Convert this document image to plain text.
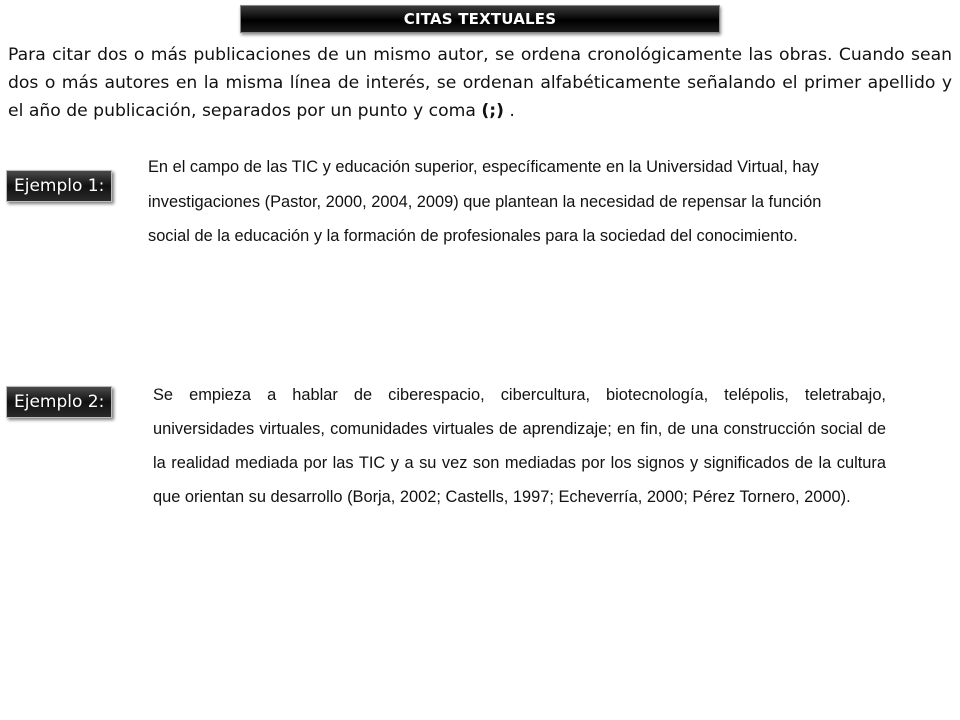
CITAS TEXTUALES

Para citar dos o más publicaciones de un mismo autor, se ordena cronológicamente las obras. Cuando sean dos o más autores en la misma línea de interés, se ordenan alfabéticamente señalando el primer apellido y el año de publicación, separados por un punto y coma (;) .

Ejemplo 1:

En el campo de las TIC y educación superior, específicamente en la Universidad Virtual, hay investigaciones (Pastor, 2000, 2004, 2009) que plantean la necesidad de repensar la función social de la educación y la formación de profesionales para la sociedad del conocimiento.

Ejemplo 2:	Se empieza a hablar de ciberespacio, cibercultura, biotecnología, telépolis, teletrabajo, universidades virtuales, comunidades virtuales de aprendizaje; en fin, de una construcción social de la realidad mediada por las TIC y a su vez son mediadas por los signos y significados de la cultura que orientan su desarrollo (Borja, 2002; Castells, 1997; Echeverría, 2000; Pérez Tornero, 2000).
